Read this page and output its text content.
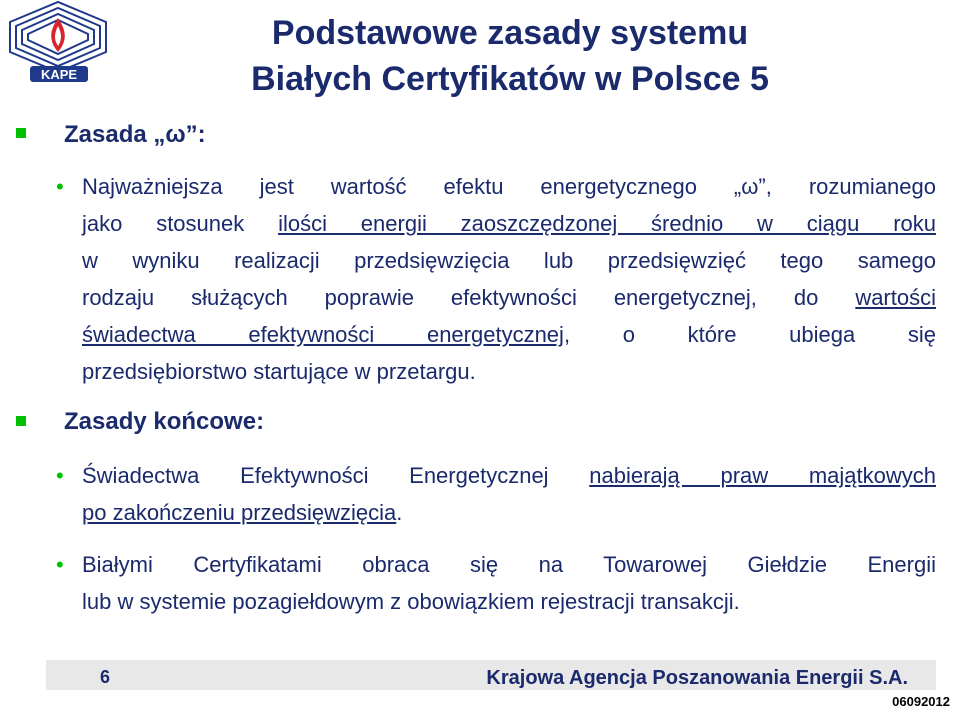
KAPE
Podstawowe zasady systemu
Białych Certyfikatów w Polsce 5
Zasada „ω”:
• Najważniejsza jest wartość efektu energetycznego „ω”, rozumianego
jako stosunek ilości energii zaoszczędzonej średnio w ciągu roku
w wyniku realizacji przedsięwzięcia lub przedsięwzięć tego samego
rodzaju służących poprawie efektywności energetycznej, do wartości
świadectwa efektywności energetycznej, o które ubiega się
przedsiębiorstwo startujące w przetargu.
Zasady końcowe:
• Świadectwa Efektywności Energetycznej nabierają praw majątkowych
po zakończeniu przedsięwzięcia.
• Białymi Certyfikatami obraca się na Towarowej Giełdzie Energii
lub w systemie pozagiełdowym z obowiązkiem rejestracji transakcji.
6	Krajowa Agencja Poszanowania Energii S.A.
06092012
